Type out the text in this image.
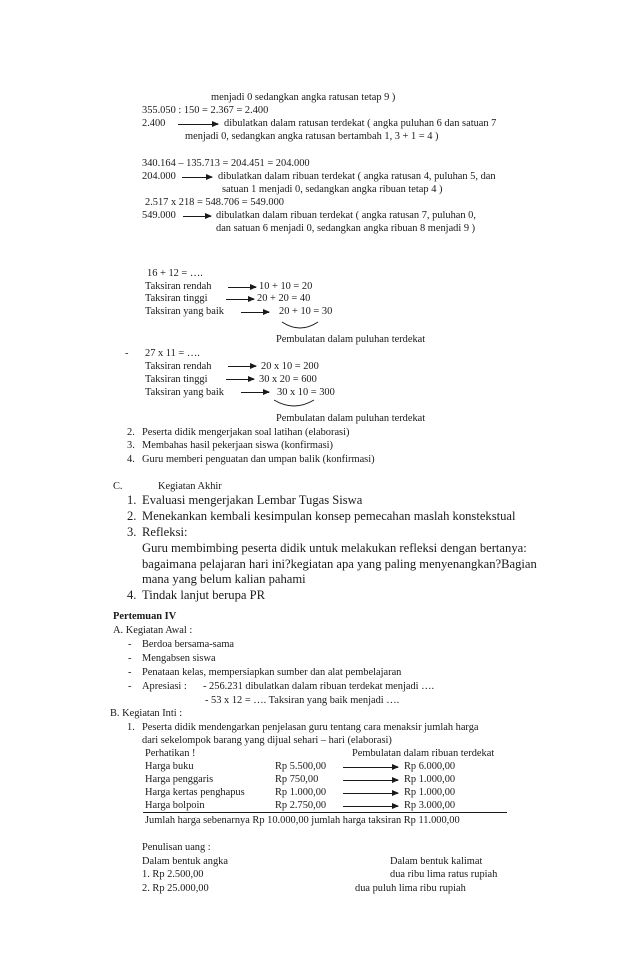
menjadi 0 sedangkan angka ratusan tetap 9 )
355.050 : 150 = 2.367 = 2.400
2.400	dibulatkan dalam ratusan terdekat ( angka puluhan 6 dan satuan 7
menjadi 0, sedangkan angka ratusan bertambah 1, 3 + 1 = 4 )
340.164 – 135.713 = 204.451 = 204.000
204.000	dibulatkan dalam ribuan terdekat ( angka ratusan 4, puluhan 5, dan
satuan 1 menjadi 0, sedangkan angka ribuan tetap 4 )
2.517 x 218 = 548.706 = 549.000
549.000	dibulatkan dalam ribuan terdekat ( angka ratusan 7, puluhan 0,
dan satuan 6 menjadi 0, sedangkan angka ribuan 8 menjadi 9 )
16 + 12 = ….
Taksiran rendah	10 + 10 = 20
Taksiran tinggi	20 + 20 = 40
Taksiran yang baik	20 + 10 = 30
Pembulatan dalam puluhan terdekat
- 27 x 11 = ….
Taksiran rendah	20 x 10 = 200
Taksiran tinggi	30 x 20 = 600
Taksiran yang baik	30 x 10 = 300
Pembulatan dalam puluhan terdekat
2. Peserta didik mengerjakan soal latihan (elaborasi)
3. Membahas hasil pekerjaan siswa (konfirmasi)
4. Guru memberi penguatan dan umpan balik (konfirmasi)
C.	Kegiatan Akhir
1. Evaluasi mengerjakan Lembar Tugas Siswa
2. Menekankan kembali kesimpulan konsep pemecahan maslah konstekstual
3. Refleksi:
Guru membimbing peserta didik untuk melakukan refleksi dengan bertanya:
bagaimana pelajaran hari ini?kegiatan apa yang paling menyenangkan?Bagian
mana yang belum kalian pahami
4. Tindak lanjut berupa PR
Pertemuan IV
A. Kegiatan Awal :
- Berdoa bersama-sama
- Mengabsen siswa
- Penataan kelas, mempersiapkan sumber dan alat pembelajaran
- Apresiasi : - 256.231 dibulatkan dalam ribuan terdekat menjadi ….
- 53 x 12 = …. Taksiran yang baik menjadi ….
B. Kegiatan Inti :
1. Peserta didik mendengarkan penjelasan guru tentang cara menaksir jumlah harga
dari sekelompok barang yang dijual sehari – hari (elaborasi)
Perhatikan !	Pembulatan dalam ribuan terdekat
Harga buku	Rp 5.500,00	Rp 6.000,00
Harga penggaris	Rp 750,00	Rp 1.000,00
Harga kertas penghapus	Rp 1.000,00	Rp 1.000,00
Harga bolpoin	Rp 2.750,00	Rp 3.000,00
Jumlah harga sebenarnya Rp 10.000,00 jumlah harga taksiran Rp 11.000,00
Penulisan uang :
Dalam bentuk angka	Dalam bentuk kalimat
1. Rp 2.500,00	dua ribu lima ratus rupiah
2. Rp 25.000,00	dua puluh lima ribu rupiah
